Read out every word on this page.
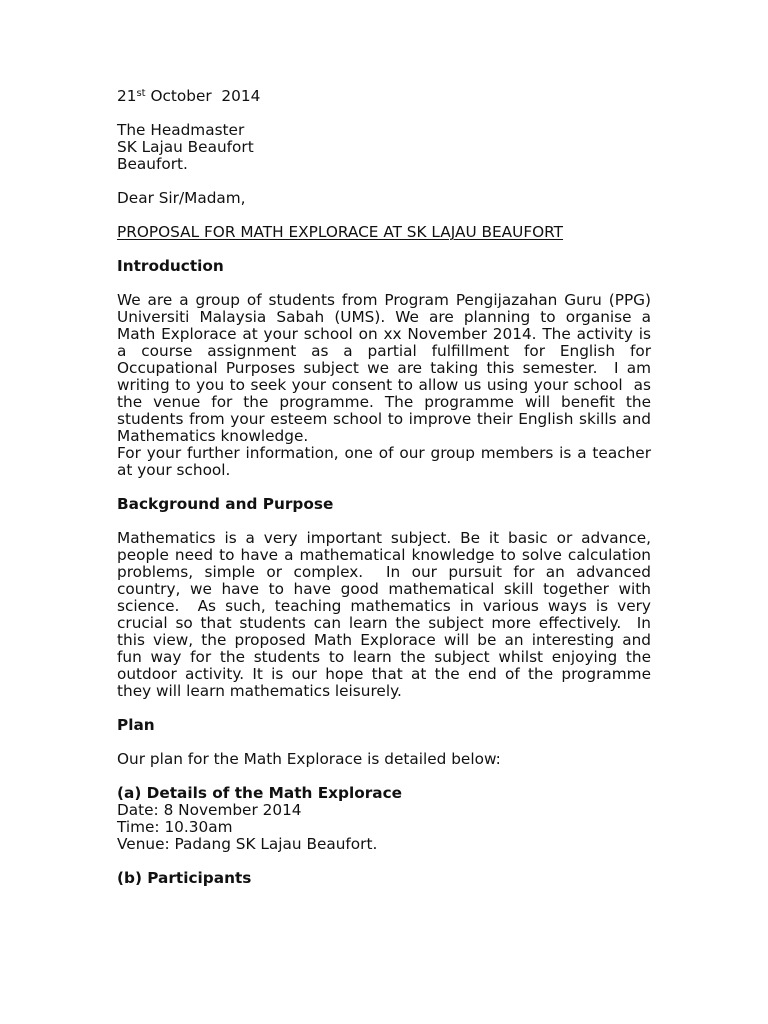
21st October  2014
The Headmaster
SK Lajau Beaufort
Beaufort.
Dear Sir/Madam,
PROPOSAL FOR MATH EXPLORACE AT SK LAJAU BEAUFORT
Introduction
We are a group of students from Program Pengijazahan Guru (PPG)
Universiti Malaysia Sabah (UMS). We are planning to organise a
Math Explorace at your school on xx November 2014. The activity is
a course assignment as a partial fulfillment for English for
Occupational Purposes subject we are taking this semester.  I am
writing to you to seek your consent to allow us using your school  as
the venue for the programme. The programme will benefit the
students from your esteem school to improve their English skills and
Mathematics knowledge.
For your further information, one of our group members is a teacher
at your school.
Background and Purpose
Mathematics is a very important subject. Be it basic or advance,
people need to have a mathematical knowledge to solve calculation
problems, simple or complex.  In our pursuit for an advanced
country, we have to have good mathematical skill together with
science.  As such, teaching mathematics in various ways is very
crucial so that students can learn the subject more effectively.  In
this view, the proposed Math Explorace will be an interesting and
fun way for the students to learn the subject whilst enjoying the
outdoor activity. It is our hope that at the end of the programme
they will learn mathematics leisurely.
Plan
Our plan for the Math Explorace is detailed below:
(a) Details of the Math Explorace
Date: 8 November 2014
Time: 10.30am
Venue: Padang SK Lajau Beaufort.
(b) Participants
